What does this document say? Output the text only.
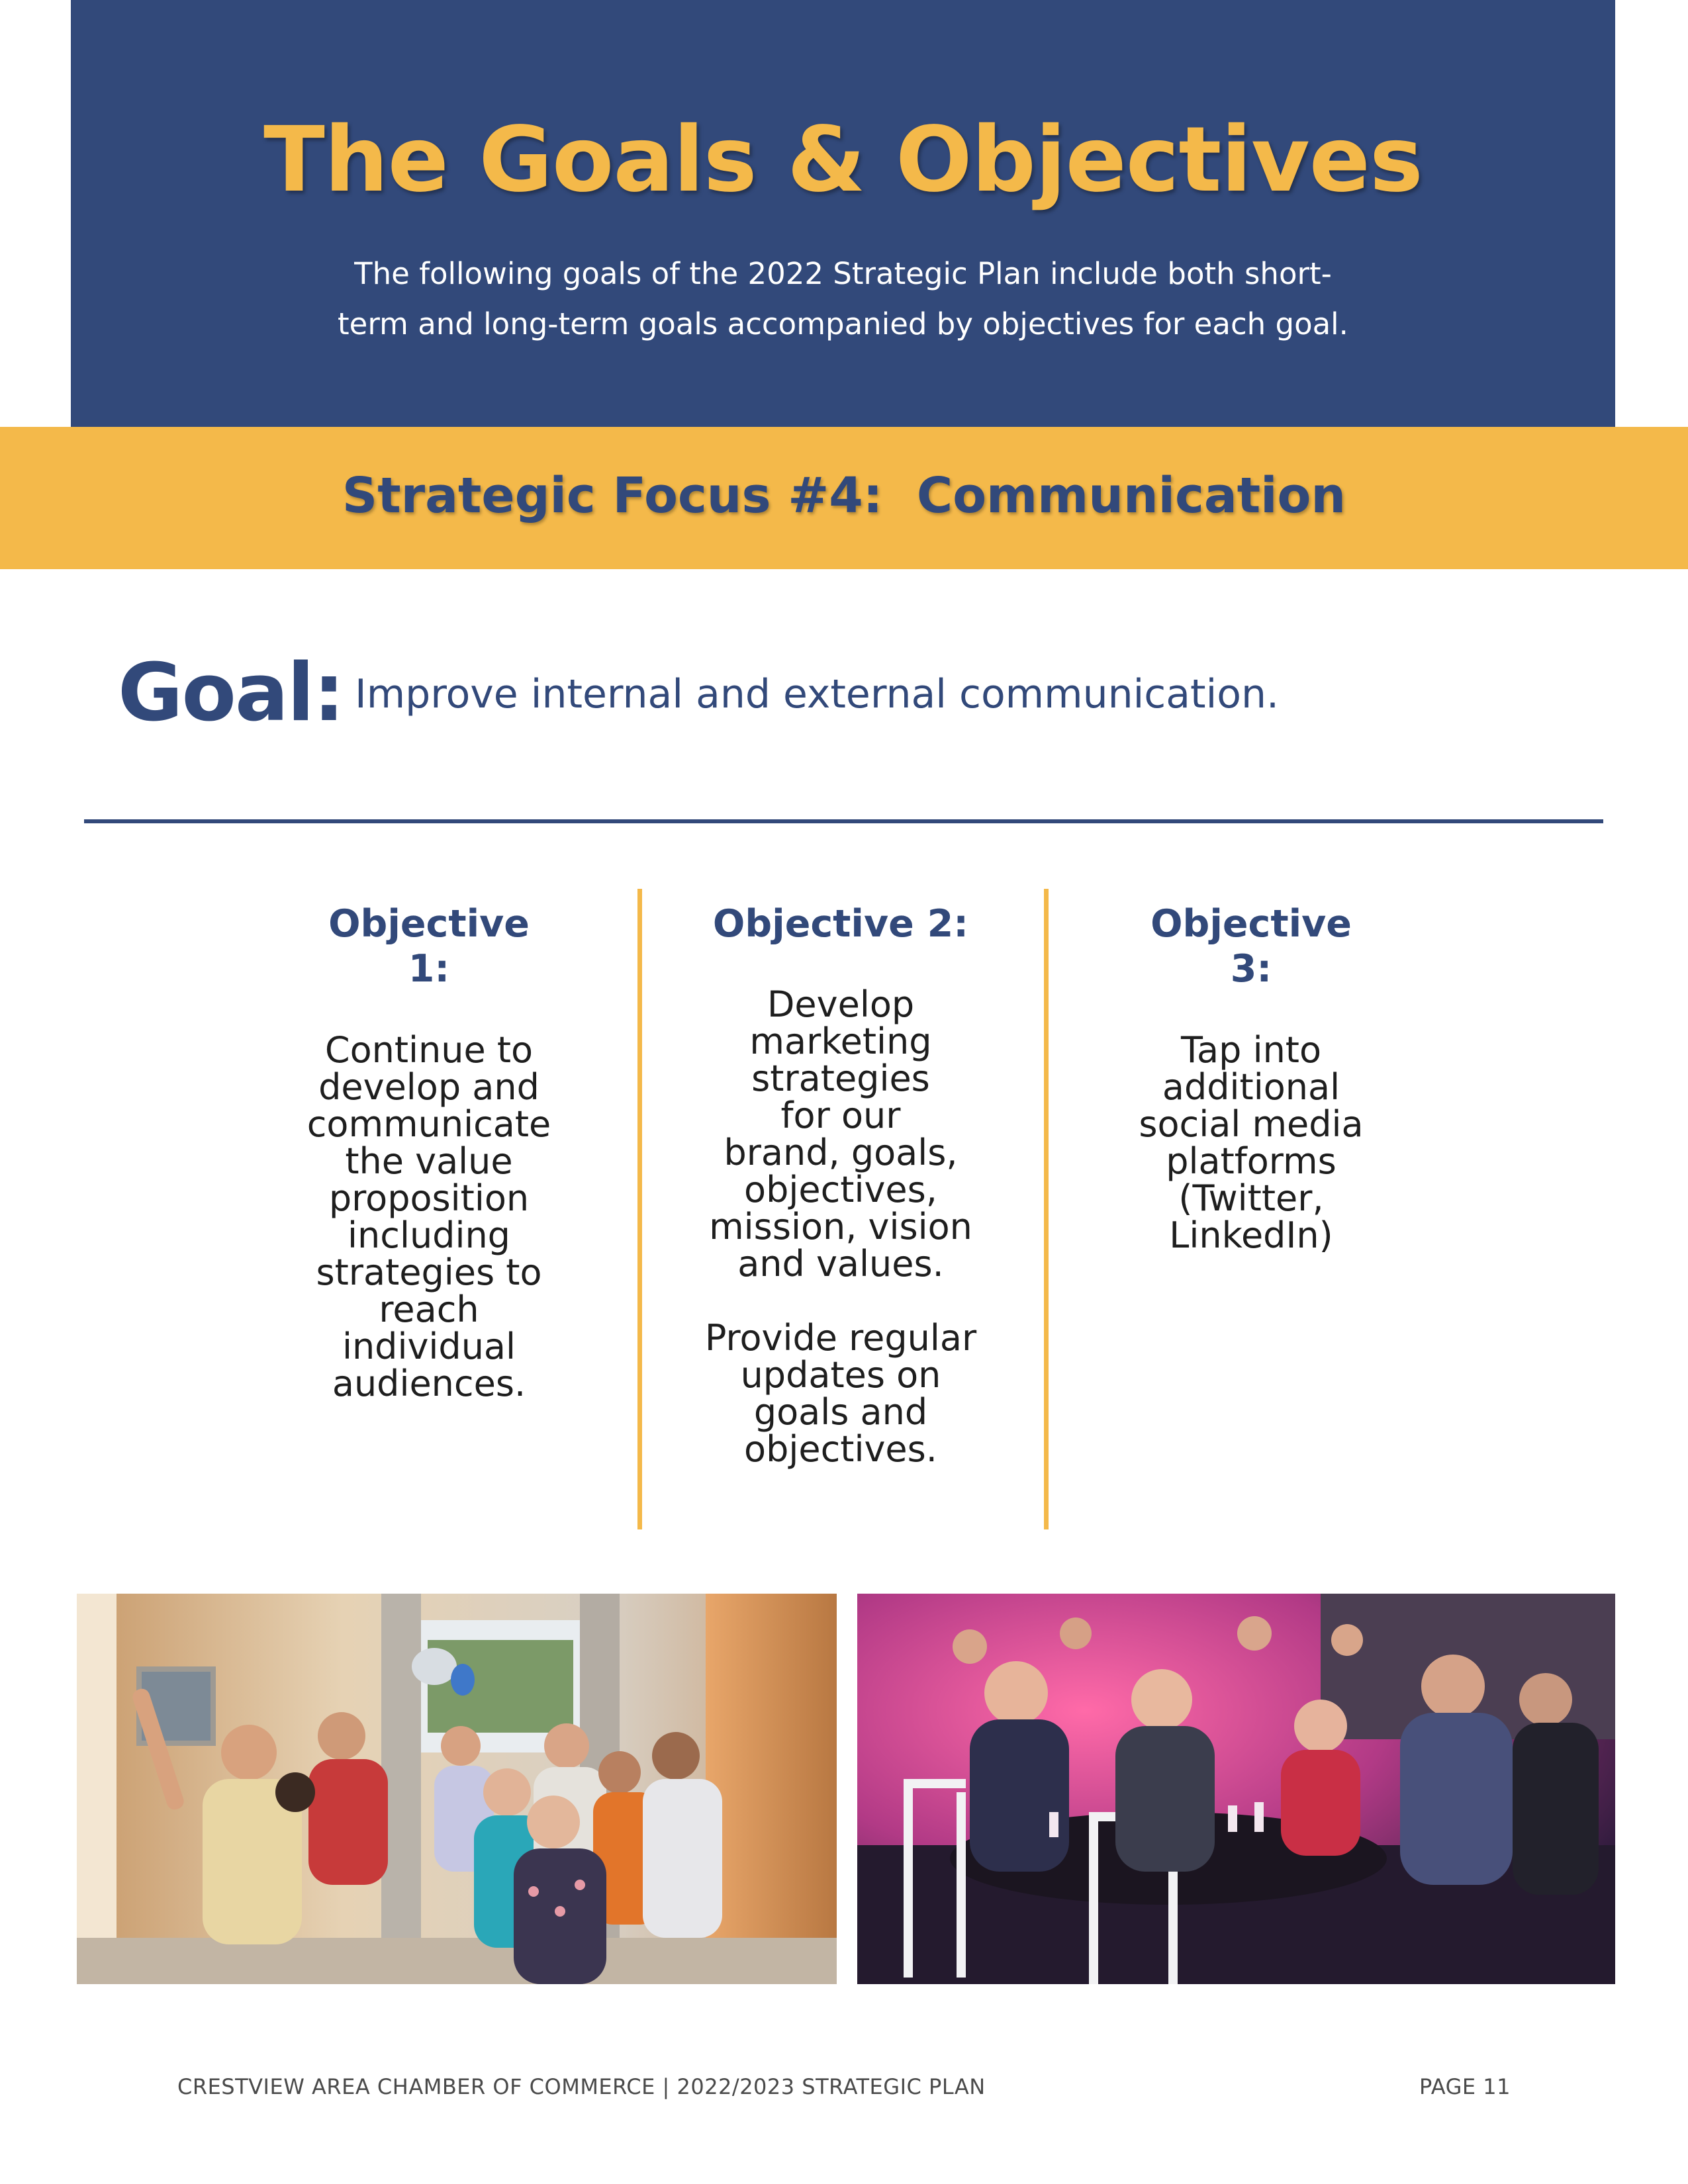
The Goals & Objectives

The following goals of the 2022 Strategic Plan include both short-
term and long-term goals accompanied by objectives for each goal.

Strategic Focus #4:  Communication
Goal: Improve internal and external communication.
Objective 1:

Continue to
develop and
communicate
the value
proposition
including
strategies to
reach
individual
audiences.

Objective 2:

Develop
marketing
strategies
for our
brand, goals,
objectives,
mission, vision
and values.

Provide regular
updates on
goals and
objectives.

Objective 3:

Tap into
additional
social media
platforms
(Twitter,
LinkedIn)

CRESTVIEW AREA CHAMBER OF COMMERCE | 2022/2023 STRATEGIC PLAN	PAGE 11
